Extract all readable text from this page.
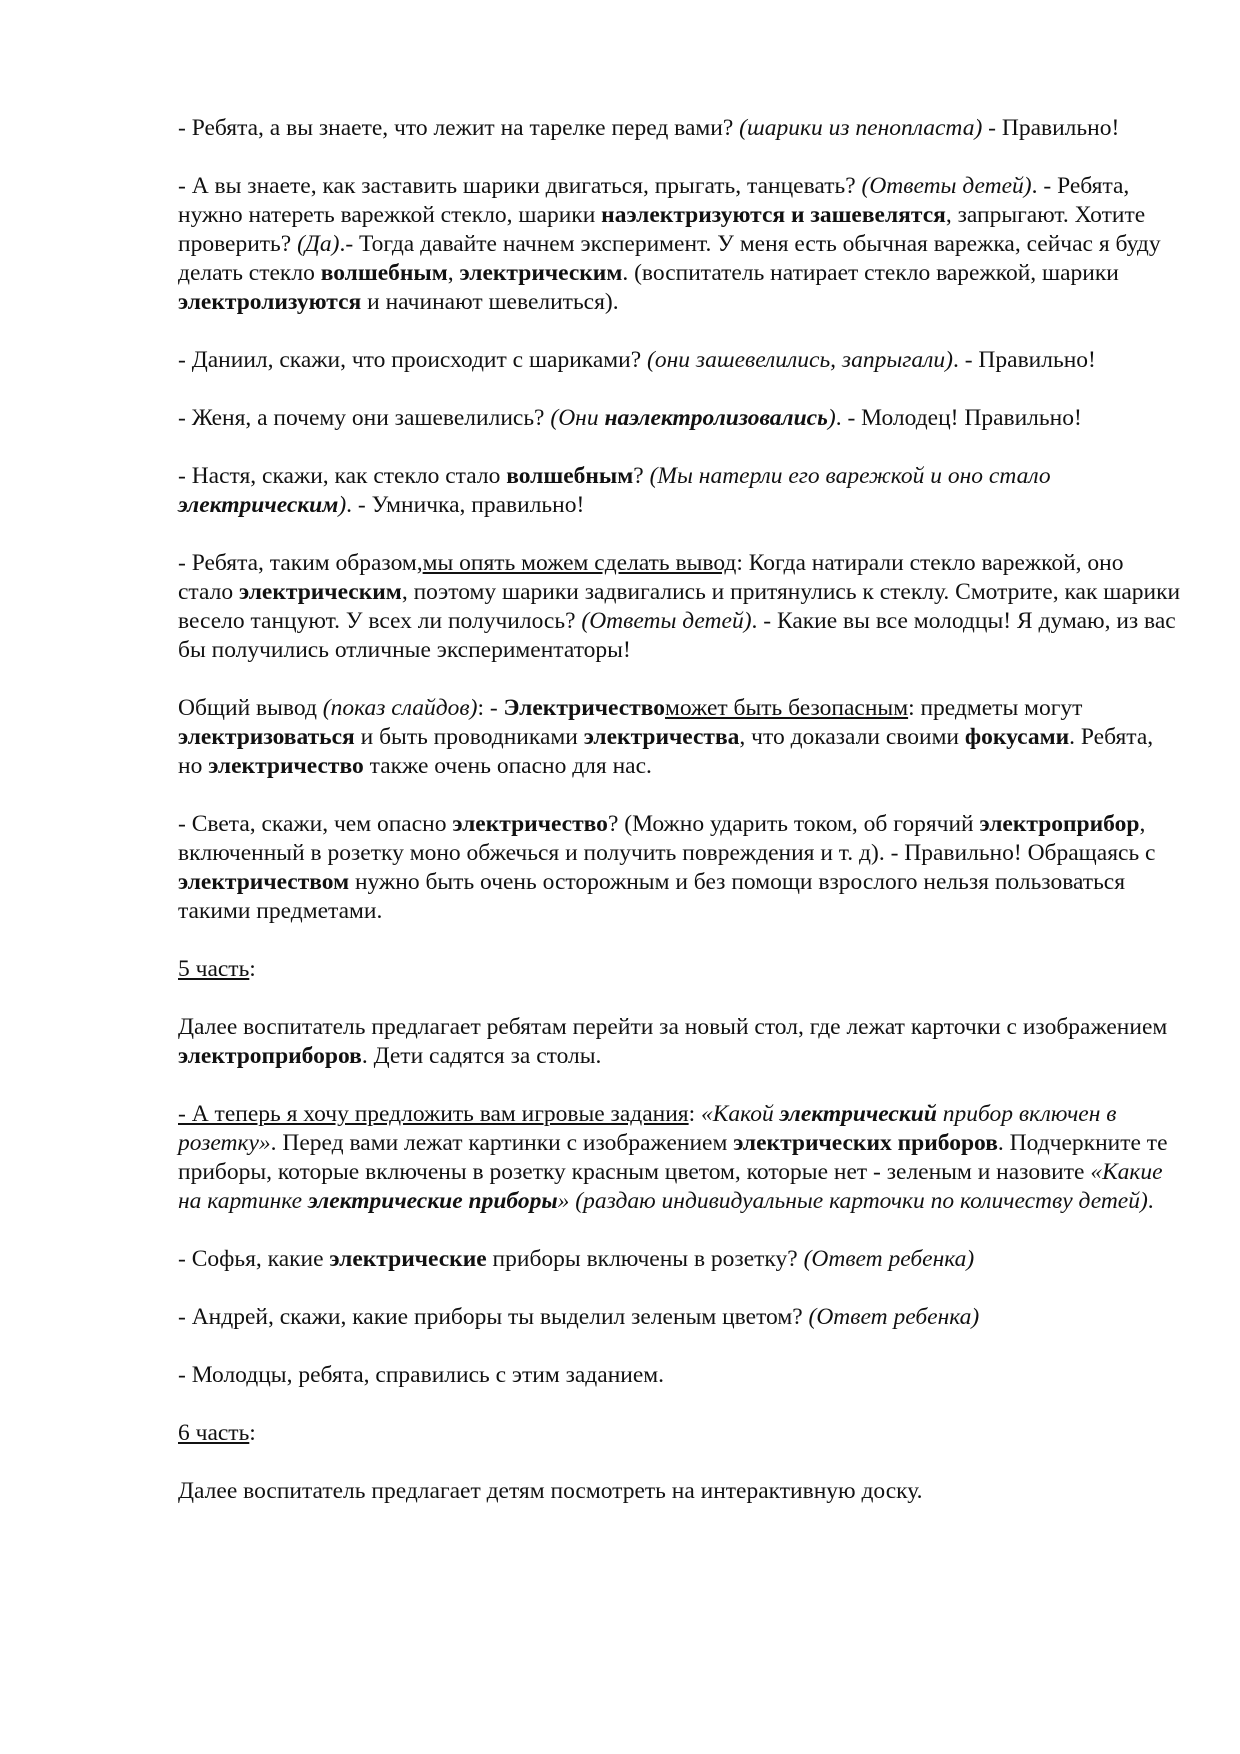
- Ребята, а вы знаете, что лежит на тарелке перед вами? (шарики из пенопласта) - Правильно!

- А вы знаете, как заставить шарики двигаться, прыгать, танцевать? (Ответы детей). - Ребята, нужно натереть варежкой стекло, шарики наэлектризуются и зашевелятся, запрыгают. Хотите проверить? (Да).- Тогда давайте начнем эксперимент. У меня есть обычная варежка, сейчас я буду делать стекло волшебным, электрическим. (воспитатель натирает стекло варежкой, шарики электролизуются и начинают шевелиться).

- Даниил, скажи, что происходит с шариками? (они зашевелились, запрыгали). - Правильно!

- Женя, а почему они зашевелились? (Они наэлектролизовались). - Молодец! Правильно!

- Настя, скажи, как стекло стало волшебным? (Мы натерли его варежкой и оно стало электрическим). - Умничка, правильно!

- Ребята, таким образом,мы опять можем сделать вывод: Когда натирали стекло варежкой, оно стало электрическим, поэтому шарики задвигались и притянулись к стеклу. Смотрите, как шарики весело танцуют. У всех ли получилось? (Ответы детей). - Какие вы все молодцы! Я думаю, из вас бы получились отличные экспериментаторы!

Общий вывод (показ слайдов): - Электричествоможет быть безопасным: предметы могут электризоваться и быть проводниками электричества, что доказали своими фокусами. Ребята, но электричество также очень опасно для нас.

- Света, скажи, чем опасно электричество? (Можно ударить током, об горячий электроприбор, включенный в розетку моно обжечься и получить повреждения и т. д). - Правильно! Обращаясь с электричеством нужно быть очень осторожным и без помощи взрослого нельзя пользоваться такими предметами.

5 часть:

Далее воспитатель предлагает ребятам перейти за новый стол, где лежат карточки с изображением электроприборов. Дети садятся за столы.

- А теперь я хочу предложить вам игровые задания: «Какой электрический прибор включен в розетку». Перед вами лежат картинки с изображением электрических приборов. Подчеркните те приборы, которые включены в розетку красным цветом, которые нет - зеленым и назовите «Какие на картинке электрические приборы» (раздаю индивидуальные карточки по количеству детей).

- Софья, какие электрические приборы включены в розетку? (Ответ ребенка)

- Андрей, скажи, какие приборы ты выделил зеленым цветом? (Ответ ребенка)

- Молодцы, ребята, справились с этим заданием.

6 часть:

Далее воспитатель предлагает детям посмотреть на интерактивную доску.
